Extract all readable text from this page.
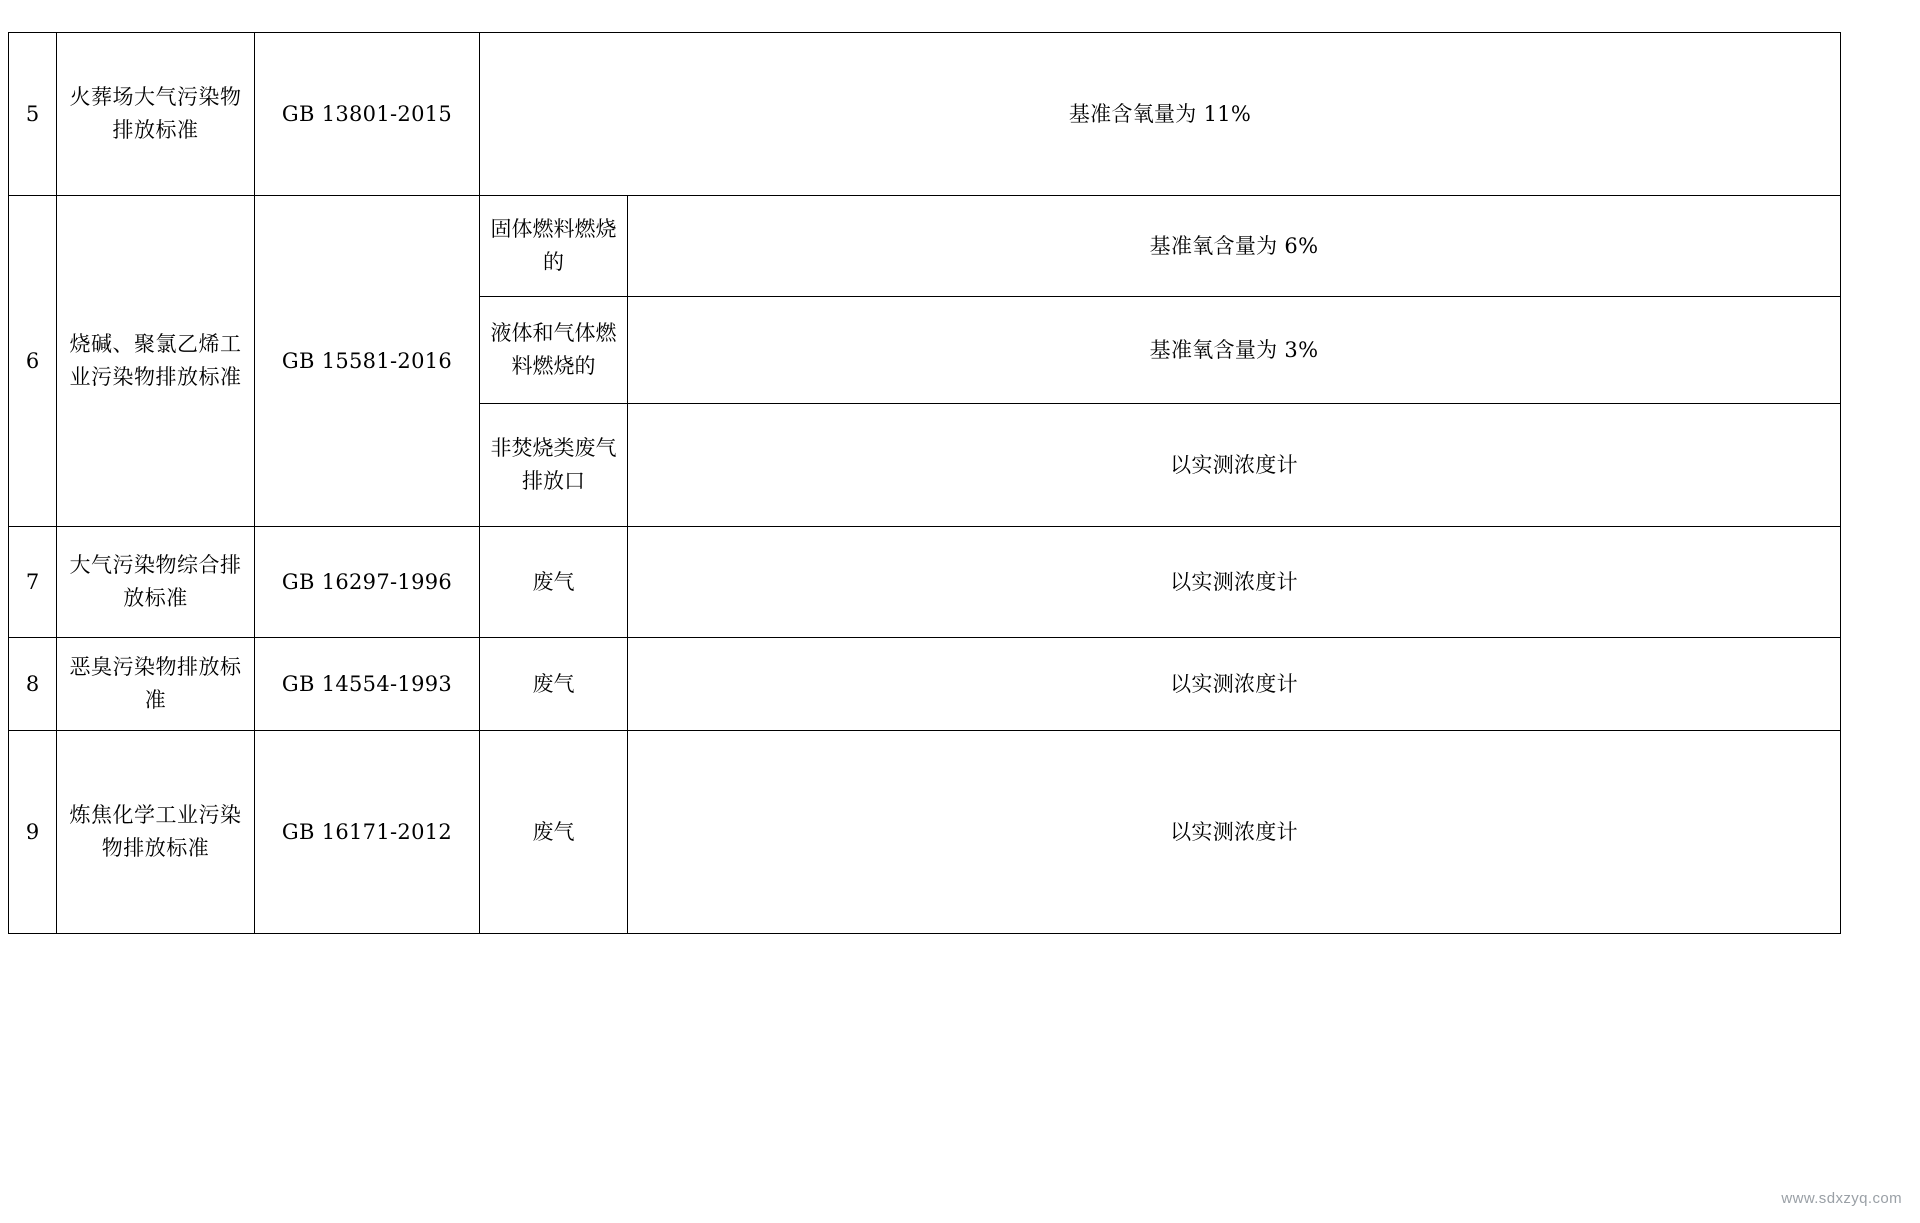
5	火葬场大气污染物排放标准	GB 13801-2015	基准含氧量为 11%	
6	烧碱、聚氯乙烯工业污染物排放标准	GB 15581-2016	固体燃料燃烧的	基准氧含量为 6%
			液体和气体燃料燃烧的	基准氧含量为 3%
			非焚烧类废气排放口	以实测浓度计
7	大气污染物综合排放标准	GB 16297-1996	废气	以实测浓度计
8	恶臭污染物排放标准	GB 14554-1993	废气	以实测浓度计
9	炼焦化学工业污染物排放标准	GB 16171-2012	废气	以实测浓度计
www.sdxzyq.com
